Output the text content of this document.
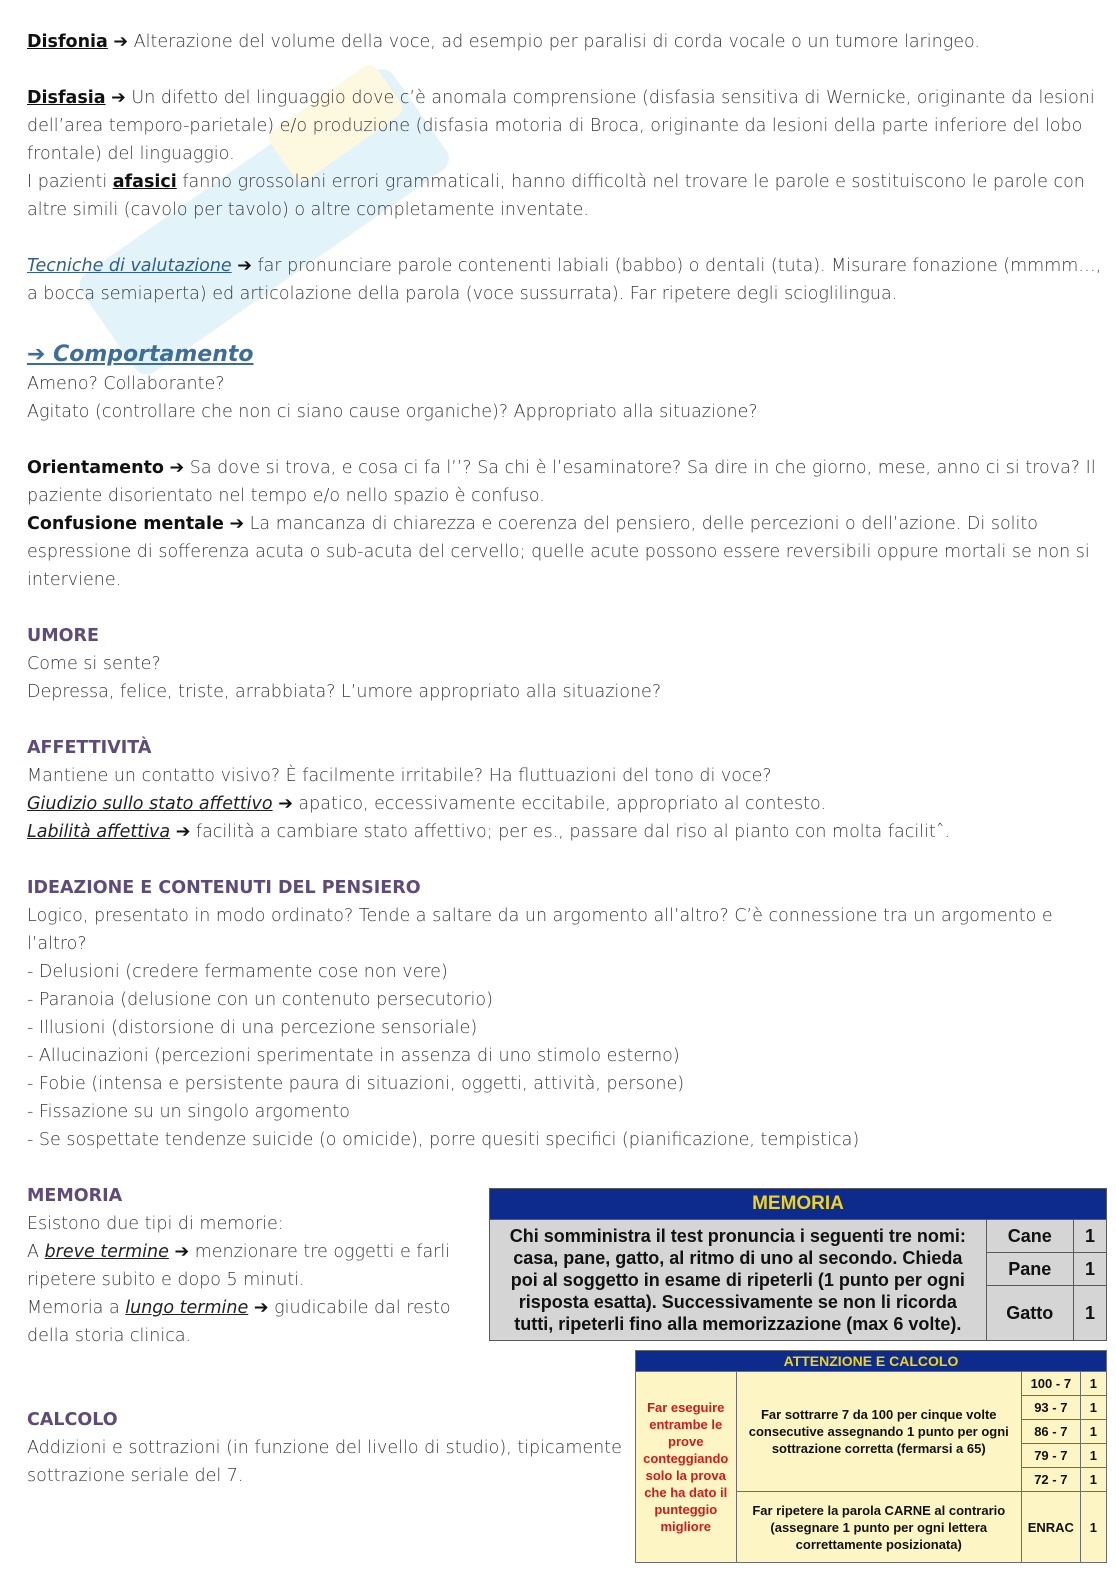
Disfonia ➔ Alterazione del volume della voce, ad esempio per paralisi di corda vocale o un tumore laringeo.

Disfasia ➔ Un difetto del linguaggio dove c’è anomala comprensione (disfasia sensitiva di Wernicke, originante da lesioni dell’area temporo-parietale) e/o produzione (disfasia motoria di Broca, originante da lesioni della parte inferiore del lobo frontale) del linguaggio.

I pazienti afasici fanno grossolani errori grammaticali, hanno difficoltà nel trovare le parole e sostituiscono le parole con altre simili (cavolo per tavolo) o altre completamente inventate.

Tecniche di valutazione ➔ far pronunciare parole contenenti labiali (babbo) o dentali (tuta). Misurare fonazione (mmmm…, a bocca semiaperta) ed articolazione della parola (voce sussurrata). Far ripetere degli scioglilingua.

➔ Comportamento

Ameno? Collaborante?

Agitato (controllare che non ci siano cause organiche)? Appropriato alla situazione?

Orientamento ➔ Sa dove si trova, e cosa ci fa l’’? Sa chi è l’esaminatore? Sa dire in che giorno, mese, anno ci si trova? Il paziente disorientato nel tempo e/o nello spazio è confuso.

Confusione mentale ➔ La mancanza di chiarezza e coerenza del pensiero, delle percezioni o dell’azione. Di solito espressione di sofferenza acuta o sub-acuta del cervello; quelle acute possono essere reversibili oppure mortali se non si interviene.

UMORE

Come si sente?

Depressa, felice, triste, arrabbiata? L’umore appropriato alla situazione?

AFFETTIVITÀ

Mantiene un contatto visivo? È facilmente irritabile? Ha fluttuazioni del tono di voce?

Giudizio sullo stato affettivo ➔ apatico, eccessivamente eccitabile, appropriato al contesto.

Labilità affettiva ➔ facilità a cambiare stato affettivo; per es., passare dal riso al pianto con molta facilitˆ.

IDEAZIONE E CONTENUTI DEL PENSIERO

Logico, presentato in modo ordinato? Tende a saltare da un argomento all’altro? C’è connessione tra un argomento e l’altro?

- Delusioni (credere fermamente cose non vere)
- Paranoia (delusione con un contenuto persecutorio)
- Illusioni (distorsione di una percezione sensoriale)
- Allucinazioni (percezioni sperimentate in assenza di uno stimolo esterno)
- Fobie (intensa e persistente paura di situazioni, oggetti, attività, persone)
- Fissazione su un singolo argomento
- Se sospettate tendenze suicide (o omicide), porre quesiti specifici (pianificazione, tempistica)
MEMORIA

Esistono due tipi di memorie:

A breve termine ➔ menzionare tre oggetti e farli ripetere subito e dopo 5 minuti.

Memoria a lungo termine ➔ giudicabile dal resto della storia clinica.

CALCOLO

Addizioni e sottrazioni (in funzione del livello di studio), tipicamente sottrazione seriale del 7.

MEMORIA		
Chi somministra il test pronuncia i seguenti tre nomi: casa, pane, gatto, al ritmo di uno al secondo. Chieda poi al soggetto in esame di ripeterli (1 punto per ogni risposta esatta). Successivamente se non li ricorda tutti, ripeterli fino alla memorizzazione (max 6 volte).	Cane	1
	Pane	1
	Gatto	1
ATTENZIONE E CALCOLO			
Far eseguire entrambe le prove conteggiando solo la prova che ha dato il punteggio migliore	Far sottrarre 7 da 100 per cinque volte consecutive assegnando 1 punto per ogni sottrazione corretta (fermarsi a 65)	100 - 7	1
		93 - 7	1
		86 - 7	1
		79 - 7	1
		72 - 7	1
	Far ripetere la parola CARNE al contrario (assegnare 1 punto per ogni lettera correttamente posizionata)	ENRAC	1
